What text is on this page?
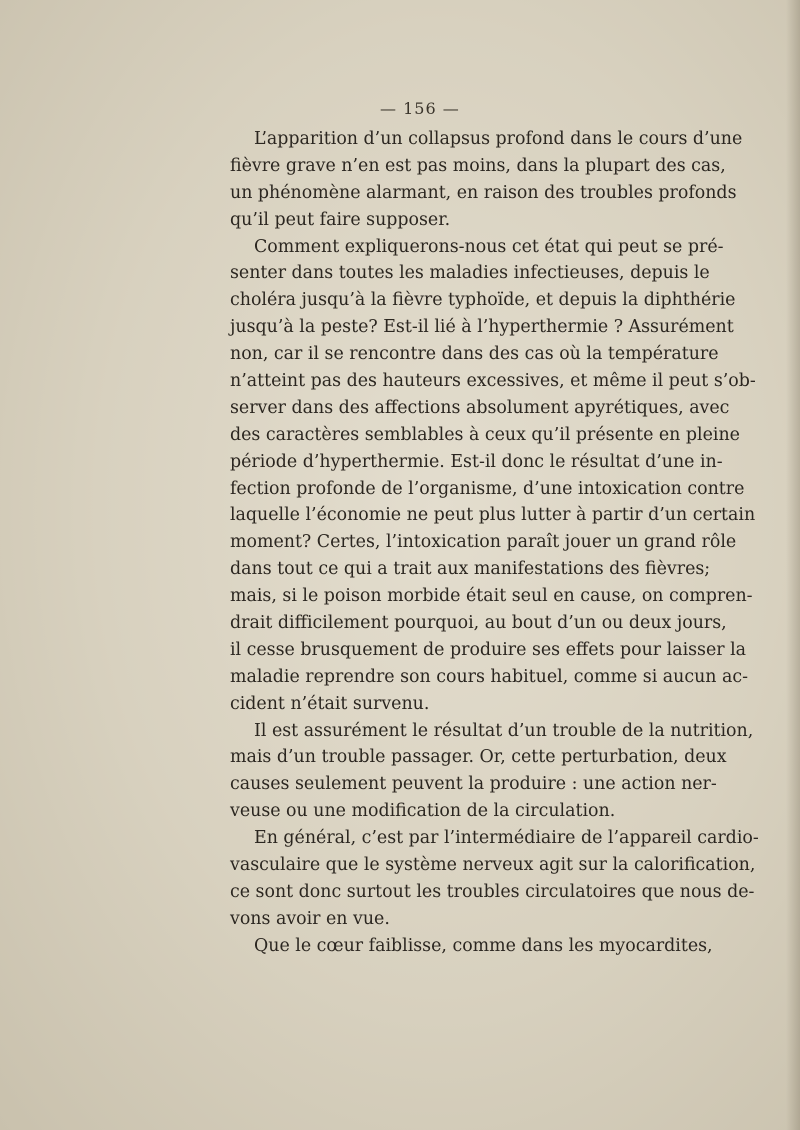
— 156 —
L’apparition d’un collapsus profond dans le cours d’une
fièvre grave n’en est pas moins, dans la plupart des cas,
un phénomène alarmant, en raison des troubles profonds
qu’il peut faire supposer.
Comment expliquerons-nous cet état qui peut se pré-
senter dans toutes les maladies infectieuses, depuis le
choléra jusqu’à la fièvre typhoïde, et depuis la diphthérie
jusqu’à la peste? Est-il lié à l’hyperthermie ? Assurément
non, car il se rencontre dans des cas où la température
n’atteint pas des hauteurs excessives, et même il peut s’ob-
server dans des affections absolument apyrétiques, avec
des caractères semblables à ceux qu’il présente en pleine
période d’hyperthermie. Est-il donc le résultat d’une in-
fection profonde de l’organisme, d’une intoxication contre
laquelle l’économie ne peut plus lutter à partir d’un certain
moment? Certes, l’intoxication paraît jouer un grand rôle
dans tout ce qui a trait aux manifestations des fièvres;
mais, si le poison morbide était seul en cause, on compren-
drait difficilement pourquoi, au bout d’un ou deux jours,
il cesse brusquement de produire ses effets pour laisser la
maladie reprendre son cours habituel, comme si aucun ac-
cident n’était survenu.
Il est assurément le résultat d’un trouble de la nutrition,
mais d’un trouble passager. Or, cette perturbation, deux
causes seulement peuvent la produire : une action ner-
veuse ou une modification de la circulation.
En général, c’est par l’intermédiaire de l’appareil cardio-
vasculaire que le système nerveux agit sur la calorification,
ce sont donc surtout les troubles circulatoires que nous de-
vons avoir en vue.
Que le cœur faiblisse, comme dans les myocardites,
